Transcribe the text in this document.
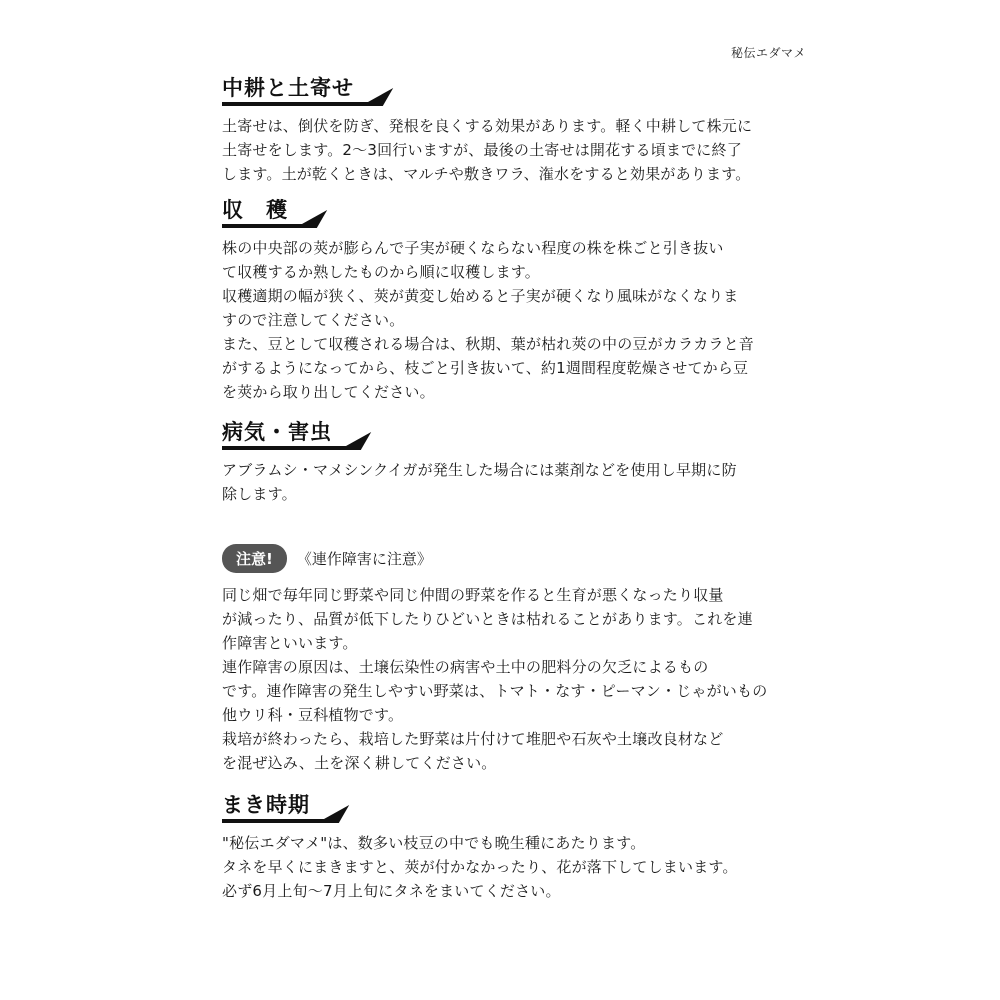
秘伝エダマメ
中耕と土寄せ

土寄せは、倒伏を防ぎ、発根を良くする効果があります。軽く中耕して株元に

土寄せをします。2〜3回行いますが、最後の土寄せは開花する頃までに終了

します。土が乾くときは、マルチや敷きワラ、潅水をすると効果があります。

収　穫

株の中央部の莢が膨らんで子実が硬くならない程度の株を株ごと引き抜い

て収穫するか熟したものから順に収穫します。

収穫適期の幅が狭く、莢が黄変し始めると子実が硬くなり風味がなくなりま

すので注意してください。

また、豆として収穫される場合は、秋期、葉が枯れ莢の中の豆がカラカラと音

がするようになってから、枝ごと引き抜いて、約1週間程度乾燥させてから豆

を莢から取り出してください。

病気・害虫

アブラムシ・マメシンクイガが発生した場合には薬剤などを使用し早期に防

除します。

注意!	《連作障害に注意》

同じ畑で毎年同じ野菜や同じ仲間の野菜を作ると生育が悪くなったり収量

が減ったり、品質が低下したりひどいときは枯れることがあります。これを連

作障害といいます。

連作障害の原因は、土壌伝染性の病害や土中の肥料分の欠乏によるもの

です。連作障害の発生しやすい野菜は、トマト・なす・ピーマン・じゃがいもの

他ウリ科・豆科植物です。

栽培が終わったら、栽培した野菜は片付けて堆肥や石灰や土壌改良材など

を混ぜ込み、土を深く耕してください。

まき時期

"秘伝エダマメ"は、数多い枝豆の中でも晩生種にあたります。

タネを早くにまきますと、莢が付かなかったり、花が落下してしまいます。

必ず6月上旬〜7月上旬にタネをまいてください。
